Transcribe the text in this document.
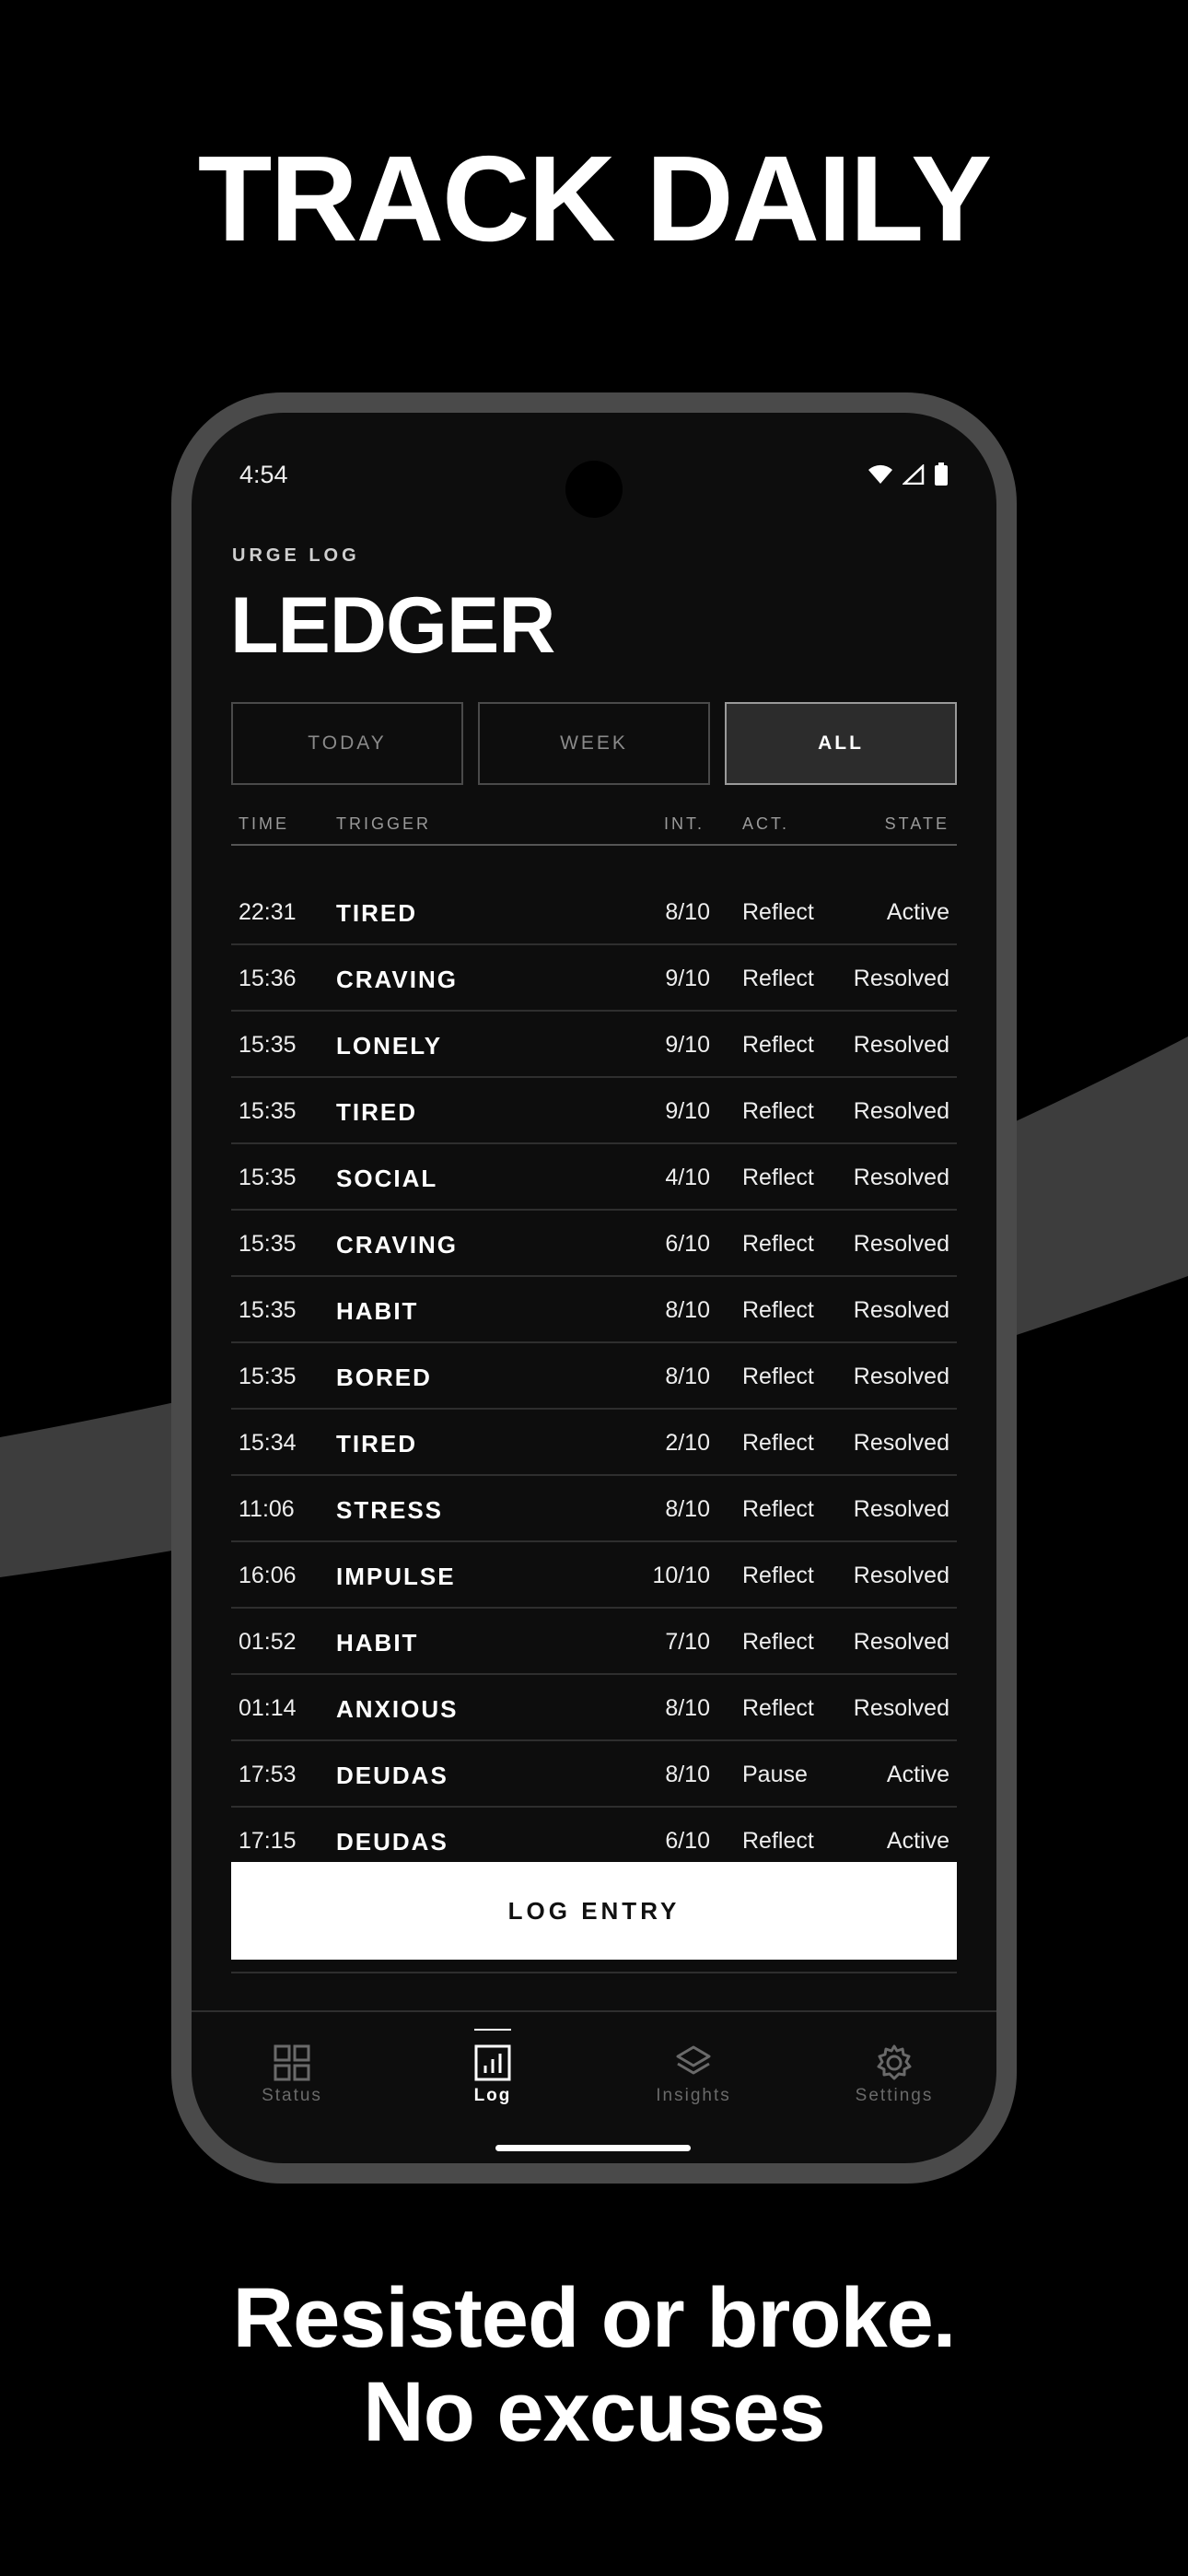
TRACK DAILY
4:54
URGE LOG
LEDGER
TODAY	WEEK	ALL
TIME	TRIGGER	INT. ACT.	STATE
22:31 TIRED	8/10 Reflect	Active
15:36 CRAVING	9/10 Reflect Resolved
15:35 LONELY	9/10 Reflect Resolved
15:35 TIRED	9/10 Reflect Resolved
15:35 SOCIAL	4/10 Reflect Resolved
15:35 CRAVING	6/10 Reflect Resolved
15:35 HABIT	8/10 Reflect Resolved
15:35 BORED	8/10 Reflect Resolved
15:34 TIRED	2/10 Reflect Resolved
11:06 STRESS	8/10 Reflect Resolved
16:06 IMPULSE	10/10 Reflect Resolved
01:52 HABIT	7/10 Reflect Resolved
01:14 ANXIOUS	8/10 Reflect Resolved
17:53 DEUDAS	8/10 Pause	Active
17:15 DEUDAS	6/10 Reflect	Active
LOG ENTRY
Status	Log	Insights	Settings
Resisted or broke.
No excuses
